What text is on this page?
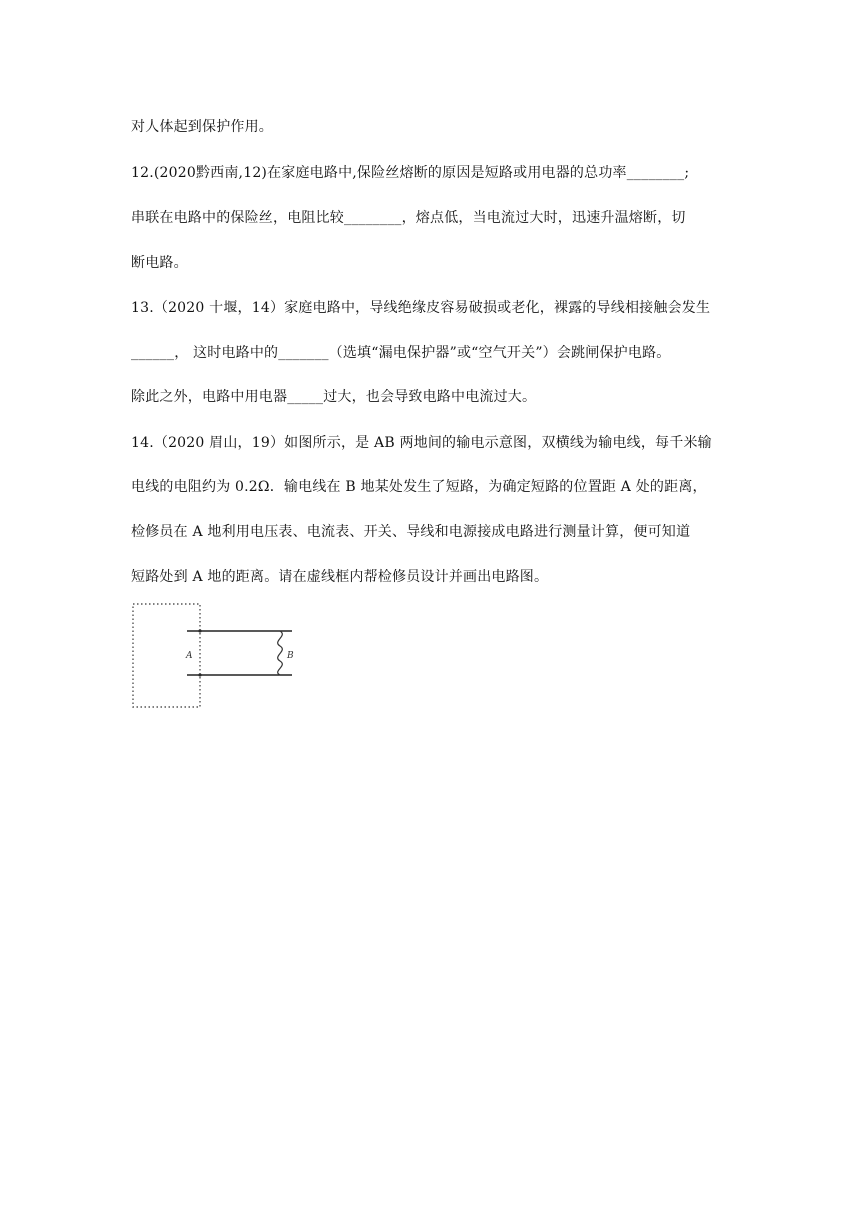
对人体起到保护作用。
12.(2020黔西南,12)在家庭电路中,保险丝熔断的原因是短路或用电器的总功率________;
串联在电路中的保险丝，电阻比较________，熔点低，当电流过大时，迅速升温熔断，切
断电路。
13.（2020 十堰，14）家庭电路中，导线绝缘皮容易破损或老化，裸露的导线相接触会发生
______， 这时电路中的_______（选填“漏电保护器”或“空气开关”）会跳闸保护电路。
除此之外，电路中用电器_____过大，也会导致电路中电流过大。
14.（2020 眉山，19）如图所示，是 AB 两地间的输电示意图，双横线为输电线，每千米输
电线的电阻约为 0.2Ω．输电线在 B 地某处发生了短路，为确定短路的位置距 A 处的距离，
检修员在 A 地利用电压表、电流表、开关、导线和电源接成电路进行测量计算，便可知道
短路处到 A 地的距离。请在虚线框内帮检修员设计并画出电路图。
A	B
